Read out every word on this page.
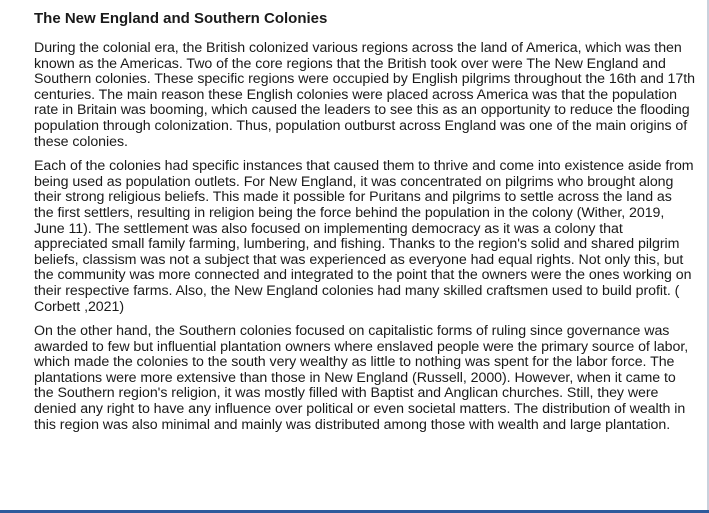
The New England and Southern Colonies

During the colonial era, the British colonized various regions across the land of America, which was then known as the Americas. Two of the core regions that the British took over were The New England and Southern colonies. These specific regions were occupied by English pilgrims throughout the 16th and 17th centuries. The main reason these English colonies were placed across America was that the population rate in Britain was booming, which caused the leaders to see this as an opportunity to reduce the flooding population through colonization. Thus, population outburst across England was one of the main origins of these colonies.

Each of the colonies had specific instances that caused them to thrive and come into existence aside from being used as population outlets. For New England, it was concentrated on pilgrims who brought along their strong religious beliefs. This made it possible for Puritans and pilgrims to settle across the land as the first settlers, resulting in religion being the force behind the population in the colony (Wither, 2019, June 11). The settlement was also focused on implementing democracy as it was a colony that appreciated small family farming, lumbering, and fishing. Thanks to the region's solid and shared pilgrim beliefs, classism was not a subject that was experienced as everyone had equal rights. Not only this, but the community was more connected and integrated to the point that the owners were the ones working on their respective farms. Also, the New England colonies had many skilled craftsmen used to build profit. ( Corbett ,2021)

On the other hand, the Southern colonies focused on capitalistic forms of ruling since governance was awarded to few but influential plantation owners where enslaved people were the primary source of labor, which made the colonies to the south very wealthy as little to nothing was spent for the labor force. The plantations were more extensive than those in New England (Russell, 2000). However, when it came to the Southern region's religion, it was mostly filled with Baptist and Anglican churches. Still, they were denied any right to have any influence over political or even societal matters. The distribution of wealth in this region was also minimal and mainly was distributed among those with wealth and large plantation.
